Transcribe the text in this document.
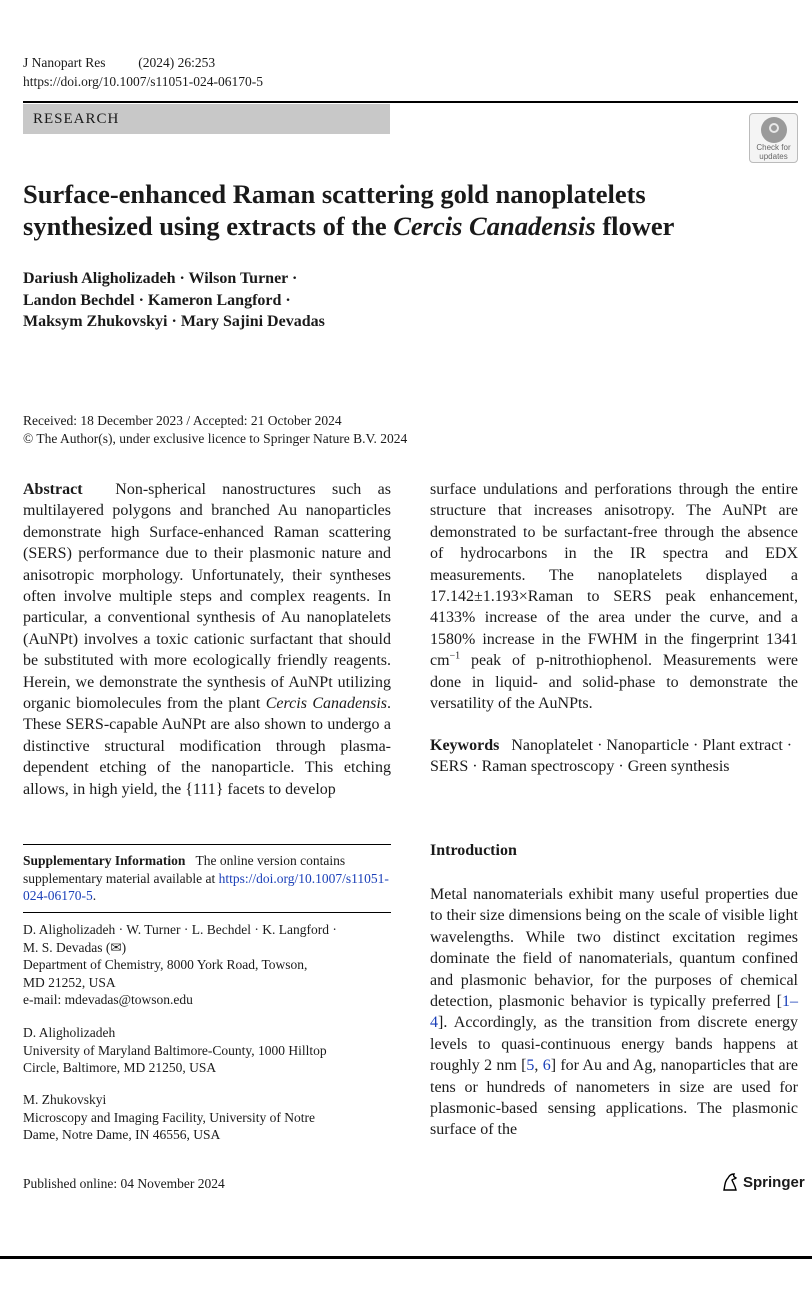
J Nanopart Res (2024) 26:253
https://doi.org/10.1007/s11051-024-06170-5
RESEARCH
Check for
updates
Surface-enhanced Raman scattering gold nanoplatelets synthesized using extracts of the Cercis Canadensis flower
Dariush Aligholizadeh · Wilson Turner ·
Landon Bechdel · Kameron Langford ·
Maksym Zhukovskyi · Mary Sajini Devadas
Received: 18 December 2023 / Accepted: 21 October 2024
© The Author(s), under exclusive licence to Springer Nature B.V. 2024
Abstract Non-spherical nanostructures such as multilayered polygons and branched Au nanoparticles demonstrate high Surface-enhanced Raman scattering (SERS) performance due to their plasmonic nature and anisotropic morphology. Unfortunately, their syntheses often involve multiple steps and complex reagents. In particular, a conventional synthesis of Au nanoplatelets (AuNPt) involves a toxic cationic surfactant that should be substituted with more ecologically friendly reagents. Herein, we demonstrate the synthesis of AuNPt utilizing organic biomolecules from the plant Cercis Canadensis. These SERS-capable AuNPt are also shown to undergo a distinctive structural modification through plasma-dependent etching of the nanoparticle. This etching allows, in high yield, the {111} facets to develop
surface undulations and perforations through the entire structure that increases anisotropy. The AuNPt are demonstrated to be surfactant-free through the absence of hydrocarbons in the IR spectra and EDX measurements. The nanoplatelets displayed a 17.142±1.193×Raman to SERS peak enhancement, 4133% increase of the area under the curve, and a 1580% increase in the FWHM in the fingerprint 1341 $cm^{-1}$ peak of p-nitrothiophenol. Measurements were done in liquid- and solid-phase to demonstrate the versatility of the AuNPts.
Keywords Nanoplatelet · Nanoparticle · Plant extract · SERS · Raman spectroscopy · Green synthesis
Supplementary Information The online version contains supplementary material available at https://doi.org/10.1007/s11051-024-06170-5.
D. Aligholizadeh · W. Turner · L. Bechdel · K. Langford ·
M. S. Devadas (✉)
Department of Chemistry, 8000 York Road, Towson,
MD 21252, USA
e-mail: mdevadas@towson.edu
D. Aligholizadeh
University of Maryland Baltimore-County, 1000 Hilltop
Circle, Baltimore, MD 21250, USA
M. Zhukovskyi
Microscopy and Imaging Facility, University of Notre
Dame, Notre Dame, IN 46556, USA
Introduction
Metal nanomaterials exhibit many useful properties due to their size dimensions being on the scale of visible light wavelengths. While two distinct excitation regimes dominate the field of nanomaterials, quantum confined and plasmonic behavior, for the purposes of chemical detection, plasmonic behavior is typically preferred [1–4]. Accordingly, as the transition from discrete energy levels to quasi-continuous energy bands happens at roughly 2 nm [5, 6] for Au and Ag, nanoparticles that are tens or hundreds of nanometers in size are used for plasmonic-based sensing applications. The plasmonic surface of the
Published online: 04 November 2024	Springer
